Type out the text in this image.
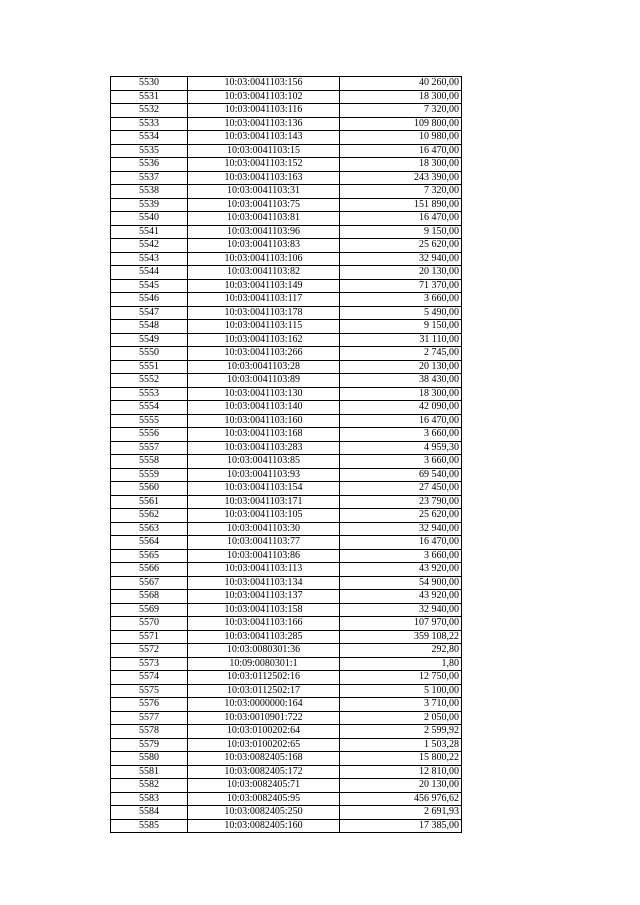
5530	10:03:0041103:156	40 260,00
5531	10:03:0041103:102	18 300,00
5532	10:03:0041103:116	7 320,00
5533	10:03:0041103:136	109 800,00
5534	10:03:0041103:143	10 980,00
5535	10:03:0041103:15	16 470,00
5536	10:03:0041103:152	18 300,00
5537	10:03:0041103:163	243 390,00
5538	10:03:0041103:31	7 320,00
5539	10:03:0041103:75	151 890,00
5540	10:03:0041103:81	16 470,00
5541	10:03:0041103:96	9 150,00
5542	10:03:0041103:83	25 620,00
5543	10:03:0041103:106	32 940,00
5544	10:03:0041103:82	20 130,00
5545	10:03:0041103:149	71 370,00
5546	10:03:0041103:117	3 660,00
5547	10:03:0041103:178	5 490,00
5548	10:03:0041103:115	9 150,00
5549	10:03:0041103:162	31 110,00
5550	10:03:0041103:266	2 745,00
5551	10:03:0041103:28	20 130,00
5552	10:03:0041103:89	38 430,00
5553	10:03:0041103:130	18 300,00
5554	10:03:0041103:140	42 090,00
5555	10:03:0041103:160	16 470,00
5556	10:03:0041103:168	3 660,00
5557	10:03:0041103:283	4 959,30
5558	10:03:0041103:85	3 660,00
5559	10:03:0041103:93	69 540,00
5560	10:03:0041103:154	27 450,00
5561	10:03:0041103:171	23 790,00
5562	10:03:0041103:105	25 620,00
5563	10:03:0041103:30	32 940,00
5564	10:03:0041103:77	16 470,00
5565	10:03:0041103:86	3 660,00
5566	10:03:0041103:113	43 920,00
5567	10:03:0041103:134	54 900,00
5568	10:03:0041103:137	43 920,00
5569	10:03:0041103:158	32 940,00
5570	10:03:0041103:166	107 970,00
5571	10:03:0041103:285	359 108,22
5572	10:03:0080301:36	292,80
5573	10:09:0080301:1	1,80
5574	10:03:0112502:16	12 750,00
5575	10:03:0112502:17	5 100,00
5576	10:03:0000000:164	3 710,00
5577	10:03:0010901:722	2 050,00
5578	10:03:0100202:64	2 599,92
5579	10:03:0100202:65	1 503,28
5580	10:03:0082405:168	15 800,22
5581	10:03:0082405:172	12 810,00
5582	10:03:0082405:71	20 130,00
5583	10:03:0082405:95	456 976,62
5584	10:03:0082405:250	2 691,93
5585	10:03:0082405:160	17 385,00
